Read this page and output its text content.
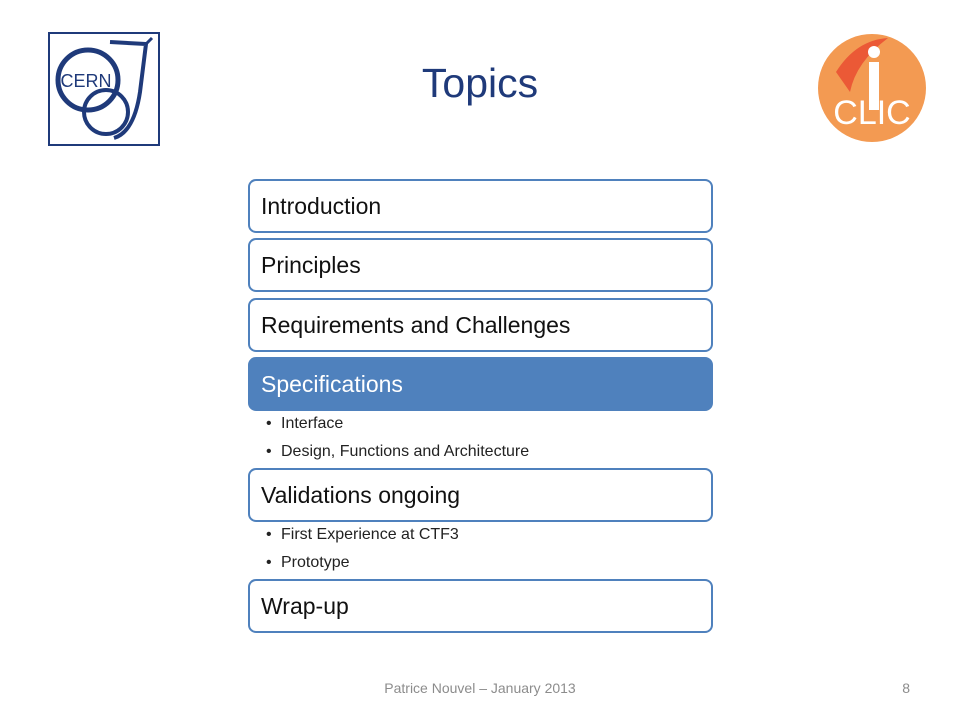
CERN
CLIC
Topics
Introduction
Principles
Requirements and Challenges
Specifications
• Interface
• Design, Functions and Architecture
Validations ongoing
• First Experience at CTF3
• Prototype
Wrap-up
Patrice Nouvel – January 2013	8
